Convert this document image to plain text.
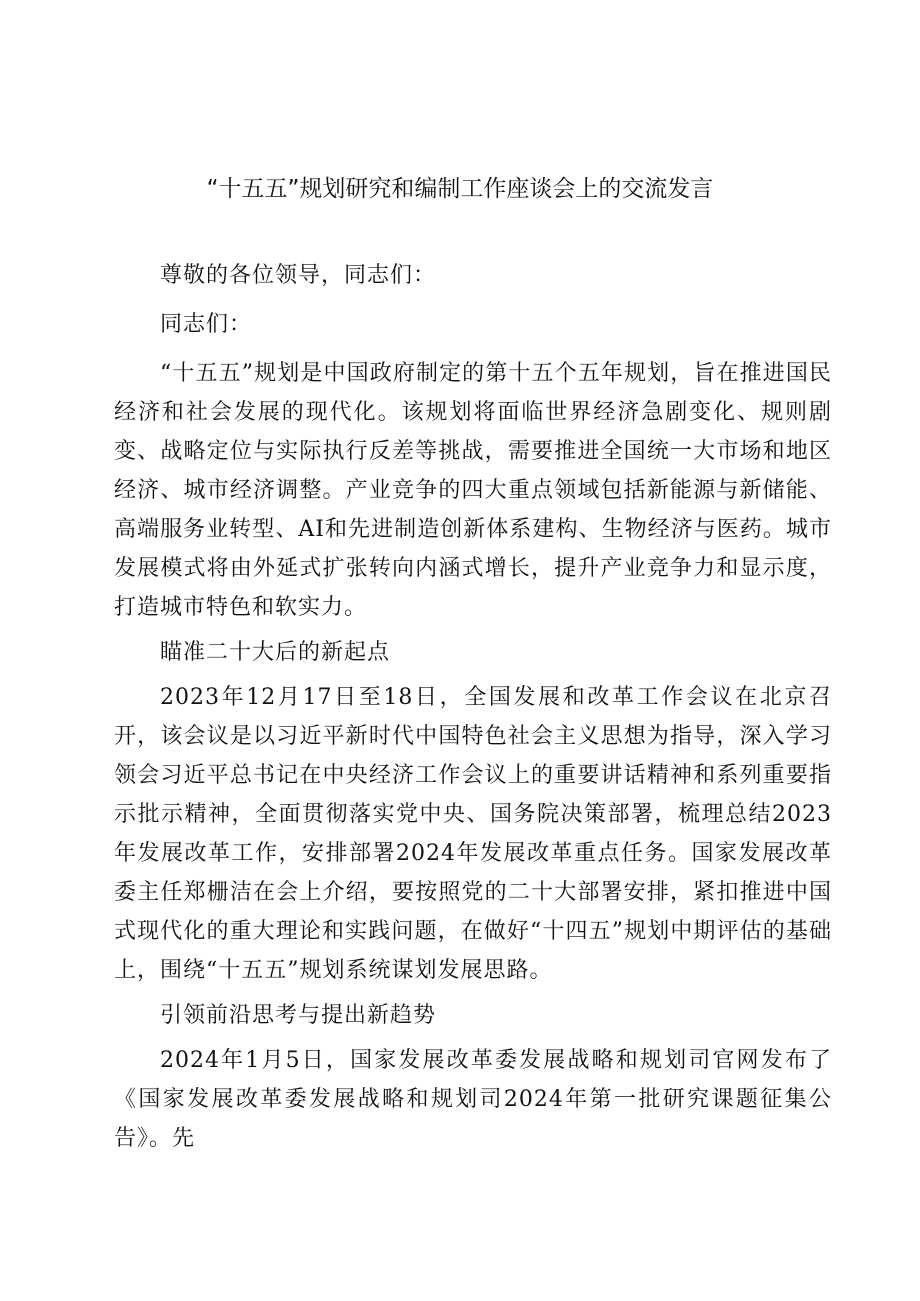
“十五五”规划研究和编制工作座谈会上的交流发言

尊敬的各位领导，同志们：

同志们：

“十五五”规划是中国政府制定的第十五个五年规划，旨在推进国民经济和社会发展的现代化。该规划将面临世界经济急剧变化、规则剧变、战略定位与实际执行反差等挑战，需要推进全国统一大市场和地区经济、城市经济调整。产业竞争的四大重点领域包括新能源与新储能、高端服务业转型、AI和先进制造创新体系建构、生物经济与医药。城市发展模式将由外延式扩张转向内涵式增长，提升产业竞争力和显示度，打造城市特色和软实力。

瞄准二十大后的新起点

2023年12月17日至18日，全国发展和改革工作会议在北京召开，该会议是以习近平新时代中国特色社会主义思想为指导，深入学习领会习近平总书记在中央经济工作会议上的重要讲话精神和系列重要指示批示精神，全面贯彻落实党中央、国务院决策部署，梳理总结2023年发展改革工作，安排部署2024年发展改革重点任务。国家发展改革委主任郑栅洁在会上介绍，要按照党的二十大部署安排，紧扣推进中国式现代化的重大理论和实践问题，在做好“十四五”规划中期评估的基础上，围绕“十五五”规划系统谋划发展思路。

引领前沿思考与提出新趋势

2024年1月5日，国家发展改革委发展战略和规划司官网发布了《国家发展改革委发展战略和规划司2024年第一批研究课题征集公告》。先
